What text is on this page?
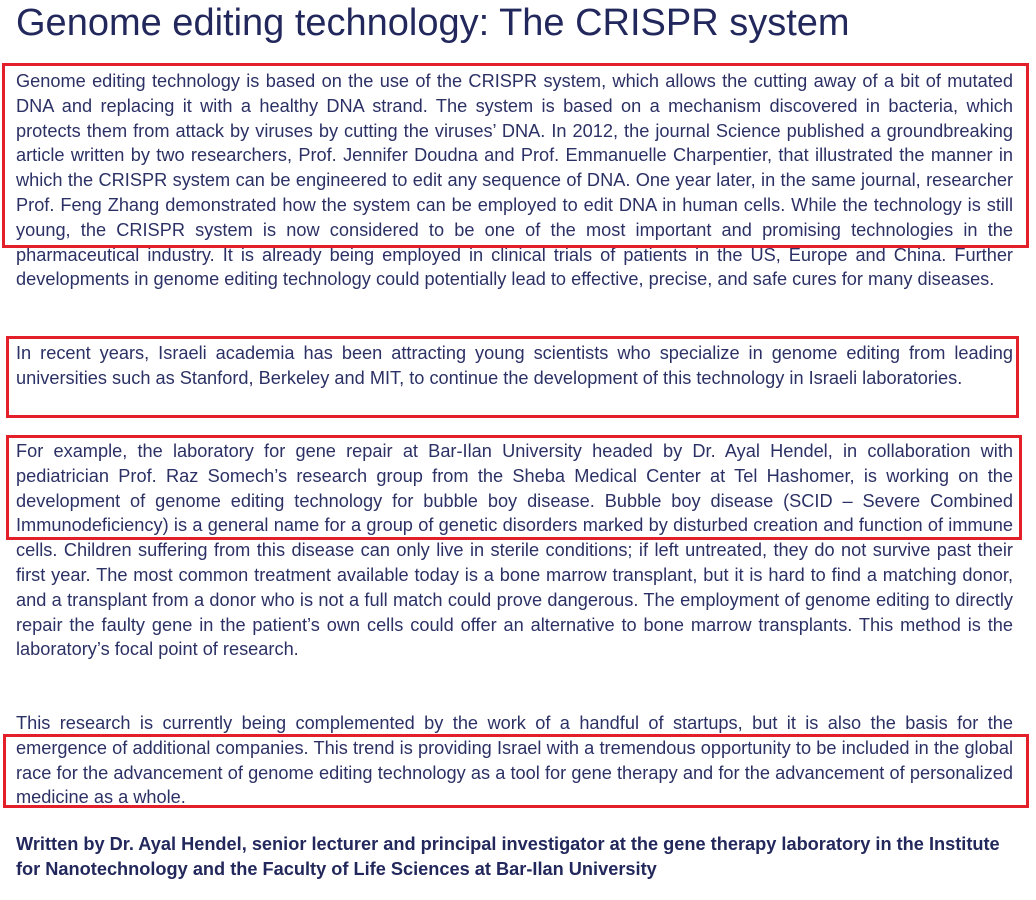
Genome editing technology: The CRISPR system
Genome editing technology is based on the use of the CRISPR system, which allows the cutting away of a bit of mutated DNA and replacing it with a healthy DNA strand. The system is based on a mechanism discovered in bacteria, which protects them from attack by viruses by cutting the viruses’ DNA. In 2012, the journal Science published a groundbreaking article written by two researchers, Prof. Jennifer Doudna and Prof. Emmanuelle Charpentier, that illustrated the manner in which the CRISPR system can be engineered to edit any sequence of DNA. One year later, in the same journal, researcher Prof. Feng Zhang demonstrated how the system can be employed to edit DNA in human cells. While the technology is still young, the CRISPR system is now considered to be one of the most important and promising technologies in the pharmaceutical industry. It is already being employed in clinical trials of patients in the US, Europe and China. Further developments in genome editing technology could potentially lead to effective, precise, and safe cures for many diseases.
In recent years, Israeli academia has been attracting young scientists who specialize in genome editing from leading universities such as Stanford, Berkeley and MIT, to continue the development of this technology in Israeli laboratories.
For example, the laboratory for gene repair at Bar-Ilan University headed by Dr. Ayal Hendel, in collaboration with pediatrician Prof. Raz Somech’s research group from the Sheba Medical Center at Tel Hashomer, is working on the development of genome editing technology for bubble boy disease. Bubble boy disease (SCID – Severe Combined Immunodeficiency) is a general name for a group of genetic disorders marked by disturbed creation and function of immune cells. Children suffering from this disease can only live in sterile conditions; if left untreated, they do not survive past their first year. The most common treatment available today is a bone marrow transplant, but it is hard to find a matching donor, and a transplant from a donor who is not a full match could prove dangerous. The employment of genome editing to directly repair the faulty gene in the patient’s own cells could offer an alternative to bone marrow transplants. This method is the laboratory’s focal point of research.
This research is currently being complemented by the work of a handful of startups, but it is also the basis for the emergence of additional companies. This trend is providing Israel with a tremendous opportunity to be included in the global race for the advancement of genome editing technology as a tool for gene therapy and for the advancement of personalized medicine as a whole.
Written by Dr. Ayal Hendel, senior lecturer and principal investigator at the gene therapy laboratory in the Institute for Nanotechnology and the Faculty of Life Sciences at Bar-Ilan University
